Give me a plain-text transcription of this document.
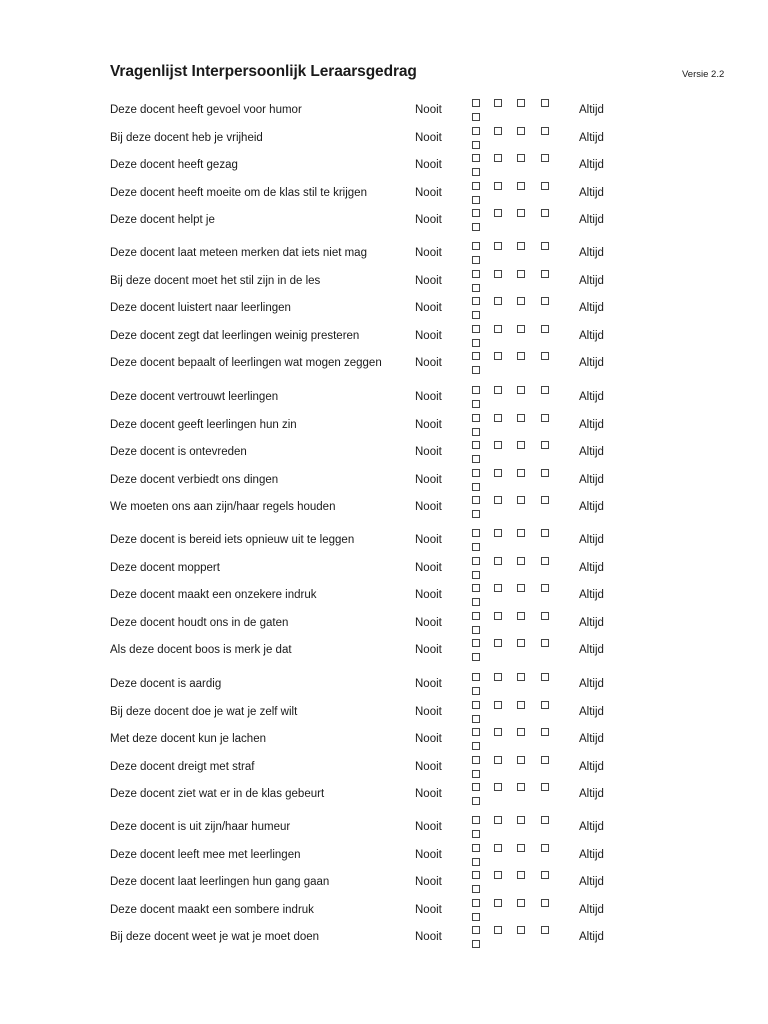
Vragenlijst Interpersoonlijk Leraarsgedrag	Versie 2.2
Deze docent heeft gevoel voor humor	Nooit	Altijd
Bij deze docent heb je vrijheid	Nooit	Altijd
Deze docent heeft gezag	Nooit	Altijd
Deze docent heeft moeite om de klas stil te krijgen	Nooit	Altijd
Deze docent helpt je	Nooit	Altijd
Deze docent laat meteen merken dat iets niet mag	Nooit	Altijd
Bij deze docent moet het stil zijn in de les	Nooit	Altijd
Deze docent luistert naar leerlingen	Nooit	Altijd
Deze docent zegt dat leerlingen weinig presteren	Nooit	Altijd
Deze docent bepaalt of leerlingen wat mogen zeggen	Nooit	Altijd
Deze docent vertrouwt leerlingen	Nooit	Altijd
Deze docent geeft leerlingen hun zin	Nooit	Altijd
Deze docent is ontevreden	Nooit	Altijd
Deze docent verbiedt ons dingen	Nooit	Altijd
We moeten ons aan zijn/haar regels houden	Nooit	Altijd
Deze docent is bereid iets opnieuw uit te leggen	Nooit	Altijd
Deze docent moppert	Nooit	Altijd
Deze docent maakt een onzekere indruk	Nooit	Altijd
Deze docent houdt ons in de gaten	Nooit	Altijd
Als deze docent boos is merk je dat	Nooit	Altijd
Deze docent is aardig	Nooit	Altijd
Bij deze docent doe je wat je zelf wilt	Nooit	Altijd
Met deze docent kun je lachen	Nooit	Altijd
Deze docent dreigt met straf	Nooit	Altijd
Deze docent ziet wat er in de klas gebeurt	Nooit	Altijd
Deze docent is uit zijn/haar humeur	Nooit	Altijd
Deze docent leeft mee met leerlingen	Nooit	Altijd
Deze docent laat leerlingen hun gang gaan	Nooit	Altijd
Deze docent maakt een sombere indruk	Nooit	Altijd
Bij deze docent weet je wat je moet doen	Nooit	Altijd
